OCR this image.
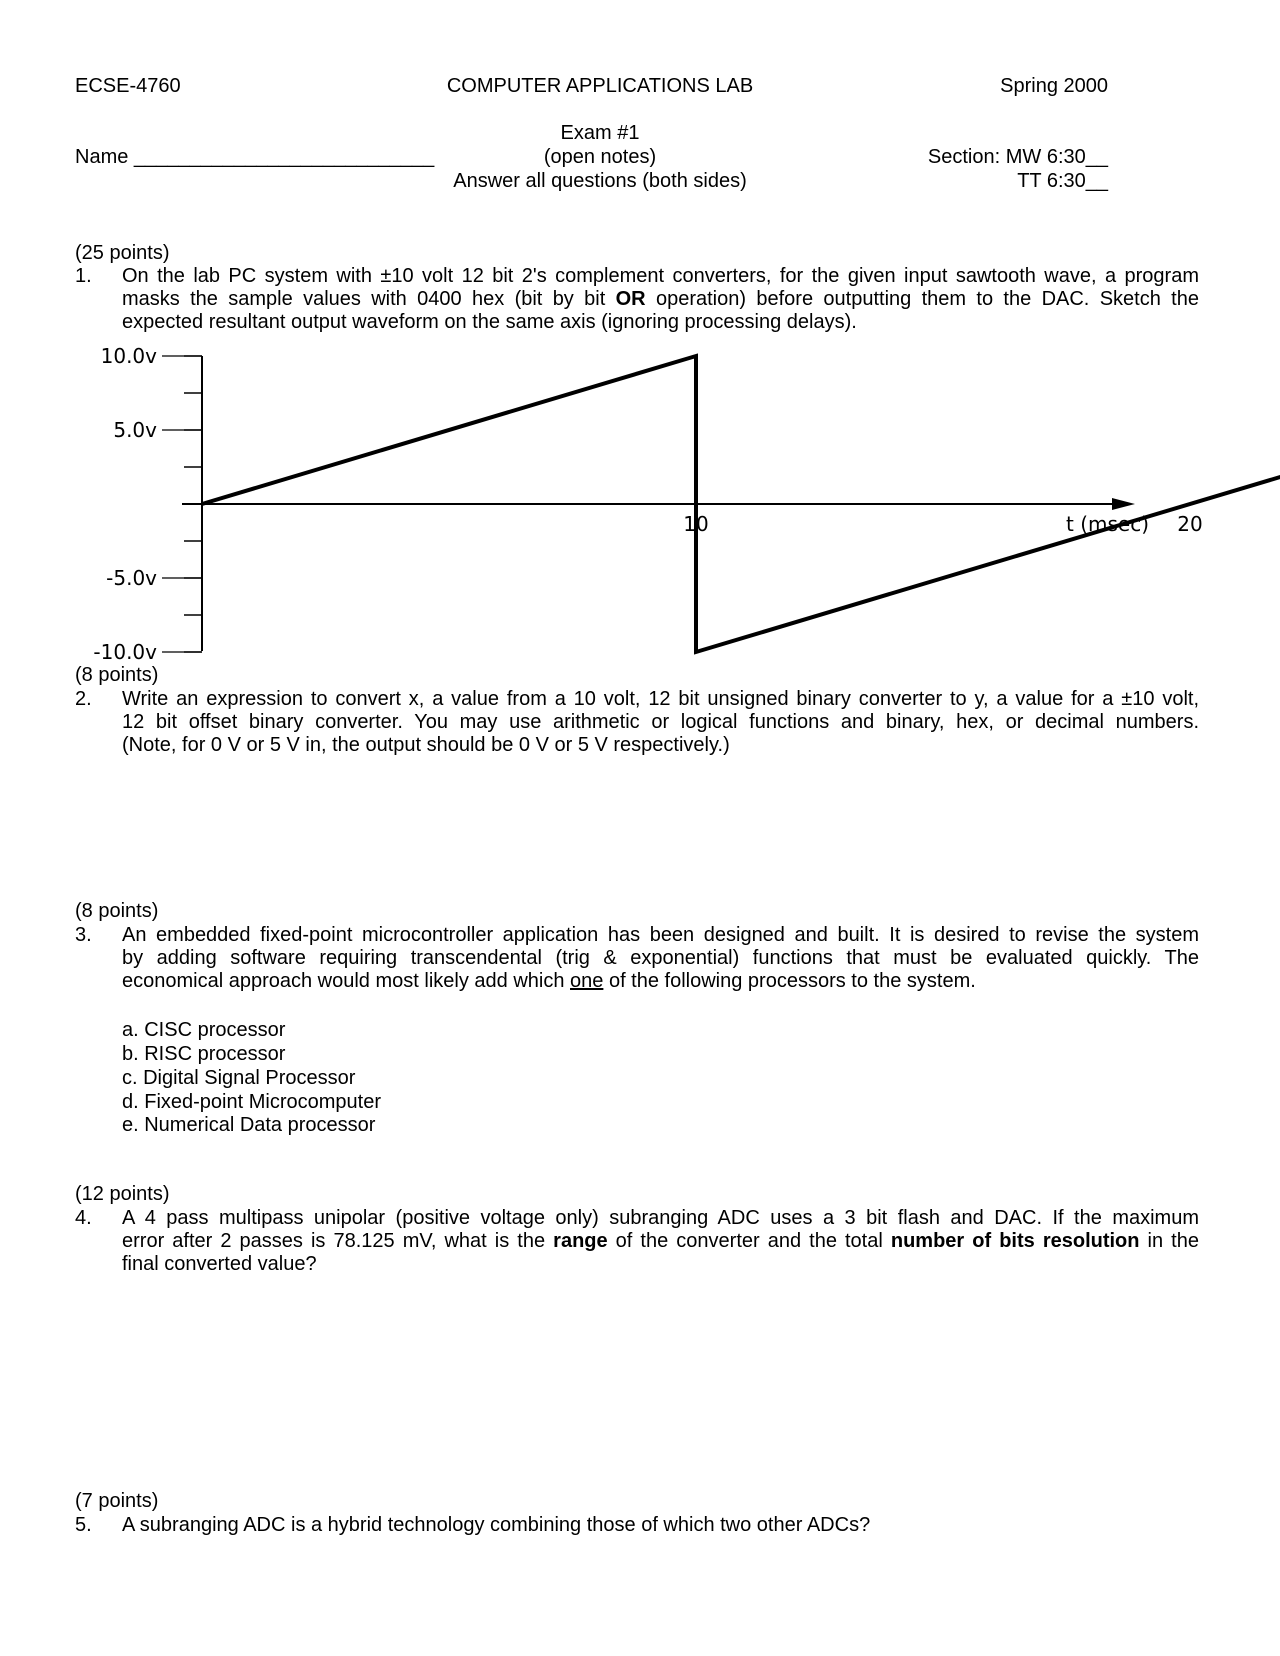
ECSE-4760	COMPUTER APPLICATIONS LAB	Spring 2000
Exam #1
(open notes)
Answer all questions (both sides)
Name ___________________________	Section: MW 6:30__
TT 6:30__
(25 points)
1. On the lab PC system with ±10 volt 12 bit 2's complement converters, for the given input sawtooth wave, a program
masks the sample values with 0400 hex (bit by bit OR operation) before outputting them to the DAC. Sketch the
expected resultant output waveform on the same axis (ignoring processing delays).
10.0v
5.0v
-5.0v
-10.0v
10	20
t (msec)
(8 points)
2. Write an expression to convert x, a value from a 10 volt, 12 bit unsigned binary converter to y, a value for a ±10 volt,
12 bit offset binary converter. You may use arithmetic or logical functions and binary, hex, or decimal numbers.
(Note, for 0 V or 5 V in, the output should be 0 V or 5 V respectively.)
(8 points)
3. An embedded fixed-point microcontroller application has been designed and built. It is desired to revise the system
by adding software requiring transcendental (trig & exponential) functions that must be evaluated quickly. The
economical approach would most likely add which one of the following processors to the system.
a. CISC processor
b. RISC processor
c. Digital Signal Processor
d. Fixed-point Microcomputer
e. Numerical Data processor
(12 points)
4. A 4 pass multipass unipolar (positive voltage only) subranging ADC uses a 3 bit flash and DAC. If the maximum
error after 2 passes is 78.125 mV, what is the range of the converter and the total number of bits resolution in the
final converted value?
(7 points)
5. A subranging ADC is a hybrid technology combining those of which two other ADCs?
